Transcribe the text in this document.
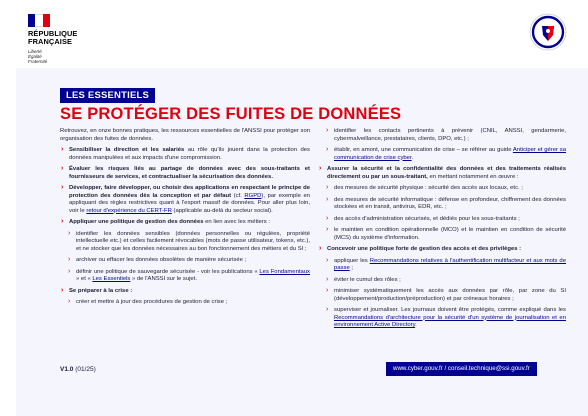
RÉPUBLIQUE
FRANÇAISE
Liberté
Égalité
Fraternité
LES ESSENTIELS
SE PROTÉGER DES FUITES DE DONNÉES

Retrouvez, en onze bonnes pratiques, les ressources essentielles de l'ANSSI pour protéger son organisation des fuites de données.

› Sensibiliser la direction et les salariés au rôle qu'ils jouent dans la protection des données manipulées et aux impacts d'une compromission.

› Évaluer les risques liés au partage de données avec des sous-traitants et fournisseurs de services, et contractualiser la sécurisation des données.

› Développer, faire développer, ou choisir des applications en respectant le principe de protection des données dès la conception et par défaut (cf. RGPD), par exemple en appliquant des règles restrictives quant à l'export massif de données. Pour aller plus loin, voir le retour d'expérience du CERT-FR (applicable au-delà du secteur social).

› Appliquer une politique de gestion des données en lien avec les métiers :

› identifier les données sensibles (données personnelles ou régulées, propriété intellectuelle etc.) et celles facilement révocables (mots de passe utilisateur, tokens, etc.), et ne stocker que les données nécessaires au bon fonctionnement des métiers et du SI ;

› archiver ou effacer les données obsolètes de manière sécurisée ;

› définir une politique de sauvegarde sécurisée - voir les publications « Les Fondamentaux » et « Les Essentiels » de l'ANSSI sur le sujet.

› Se préparer à la crise :

› créer et mettre à jour des procédures de gestion de crise ;

› identifier les contacts pertinents à prévenir (CNIL, ANSSI, gendarmerie, cybermalveillance, prestataires, clients, DPO, etc.) ;

› établir, en amont, une communication de crise – se référer au guide Anticiper et gérer sa communication de crise cyber.

› Assurer la sécurité et la confidentialité des données et des traitements réalisés directement ou par un sous-traitant, en mettant notamment en œuvre :

› des mesures de sécurité physique : sécurité des accès aux locaux, etc. ;

› des mesures de sécurité informatique : défense en profondeur, chiffrement des données stockées et en transit, antivirus, EDR, etc. ;

› des accès d'administration sécurisés, et dédiés pour les sous-traitants ;

› le maintien en condition opérationnelle (MCO) et le maintien en condition de sécurité (MCS) du système d'information.

› Concevoir une politique forte de gestion des accès et des privilèges :

› appliquer les Recommandations relatives à l'authentification multifacteur et aux mots de passe ;

› éviter le cumul des rôles ;

› minimiser systématiquement les accès aux données par rôle, par zone du SI (développement/production/préproduction) et par créneaux horaires ;

› superviser et journaliser. Les journaux doivent être protégés, comme expliqué dans les Recommandations d'architecture pour la sécurité d'un système de journalisation et en environnement Active Directory.

V1.0 (01/25)	www.cyber.gouv.fr / conseil.technique@ssi.gouv.fr
